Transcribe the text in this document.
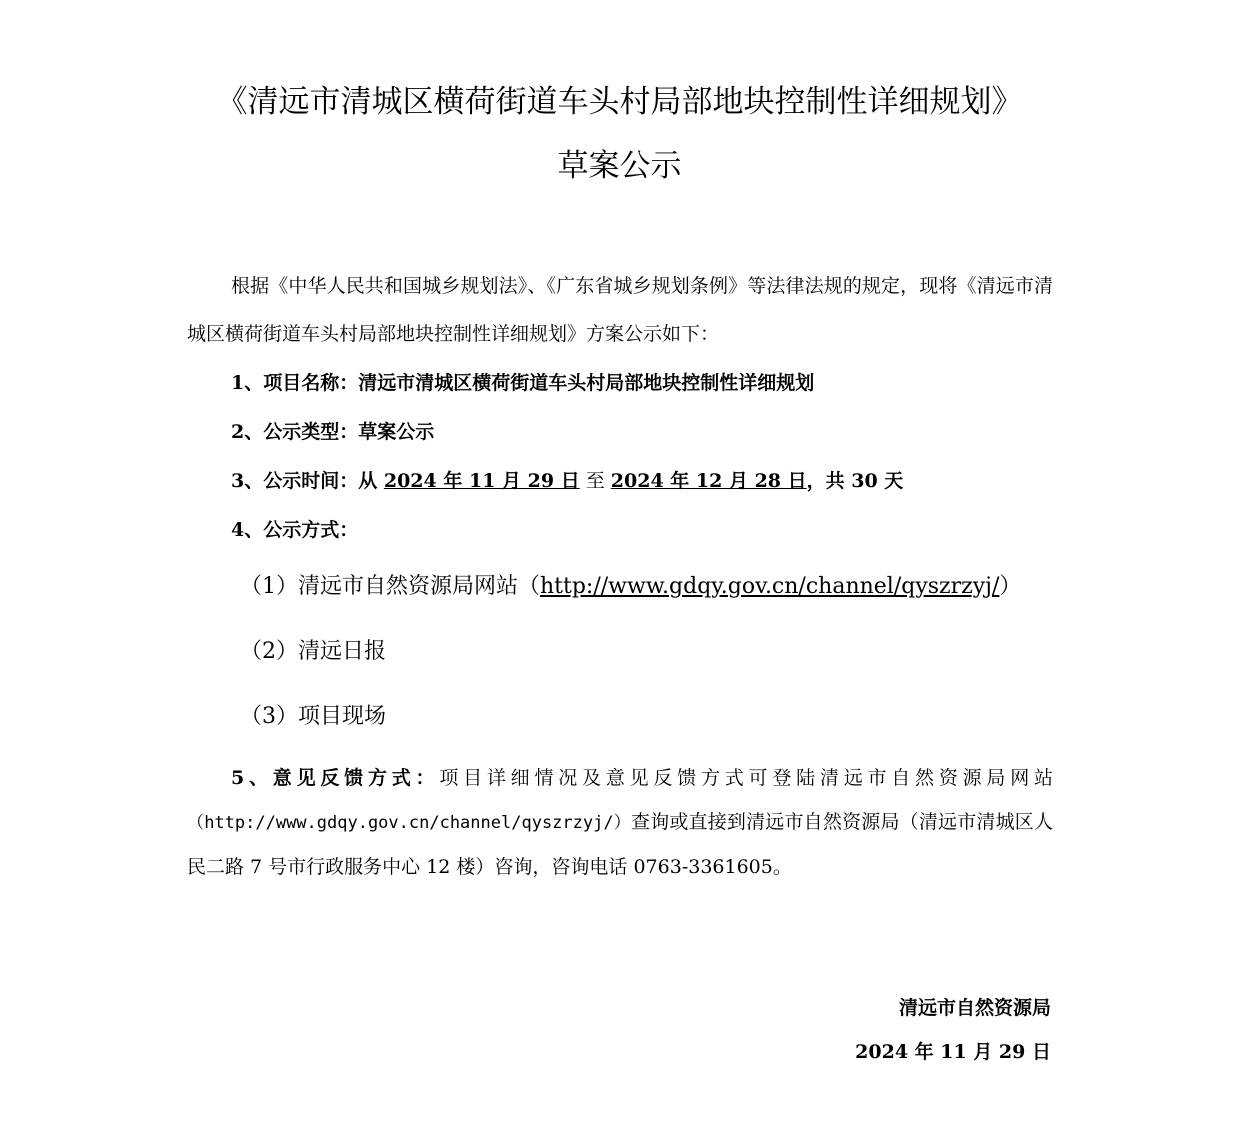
《清远市清城区横荷街道车头村局部地块控制性详细规划》
草案公示

根据《中华人民共和国城乡规划法》、《广东省城乡规划条例》等法律法规的规定，现将《清远市清城区横荷街道车头村局部地块控制性详细规划》方案公示如下：

1、项目名称：清远市清城区横荷街道车头村局部地块控制性详细规划
2、公示类型：草案公示
3、公示时间：从 2024 年 11 月 29 日 至 2024 年 12 月 28 日，共 30 天
4、公示方式：
（1）清远市自然资源局网站（http://www.gdqy.gov.cn/channel/qyszrzyj/）
（2）清远日报
（3）项目现场

5、意见反馈方式：项目详细情况及意见反馈方式可登陆清远市自然资源局网站（http://www.gdqy.gov.cn/channel/qyszrzyj/）查询或直接到清远市自然资源局（清远市清城区人民二路 7 号市行政服务中心 12 楼）咨询，咨询电话 0763-3361605。

清远市自然资源局
2024 年 11 月 29 日
